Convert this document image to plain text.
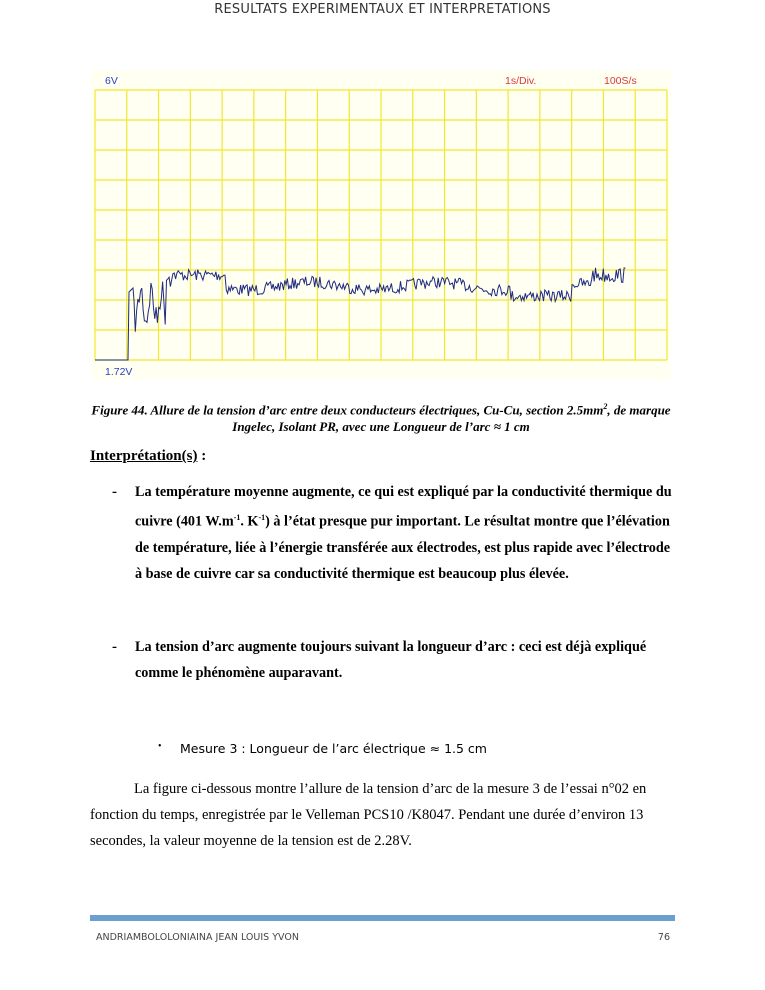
RESULTATS EXPERIMENTAUX ET INTERPRETATIONS
6V	1s/Div.	100S/s
1.72V
Figure 44. Allure de la tension d’arc entre deux conducteurs électriques, Cu-Cu, section $2.5mm^2$, de marque Ingelec, Isolant PR, avec une Longueur de l’arc ≈ 1 cm
Interprétation(s) :
- La température moyenne augmente, ce qui est expliqué par la conductivité thermique du cuivre (401 $W.m^{-1}$. $K^{-1}$) à l’état presque pur important. Le résultat montre que l’élévation de température, liée à l’énergie transférée aux électrodes, est plus rapide avec l’électrode à base de cuivre car sa conductivité thermique est beaucoup plus élevée.
- La tension d’arc augmente toujours suivant la longueur d’arc : ceci est déjà expliqué comme le phénomène auparavant.
• Mesure 3 : Longueur de l’arc électrique ≈ 1.5 cm
La figure ci-dessous montre l’allure de la tension d’arc de la mesure 3 de l’essai n°02 en fonction du temps, enregistrée par le Velleman PCS10 /K8047. Pendant une durée d’environ 13 secondes, la valeur moyenne de la tension est de 2.28V.
ANDRIAMBOLOLONIAINA JEAN LOUIS YVON	76
